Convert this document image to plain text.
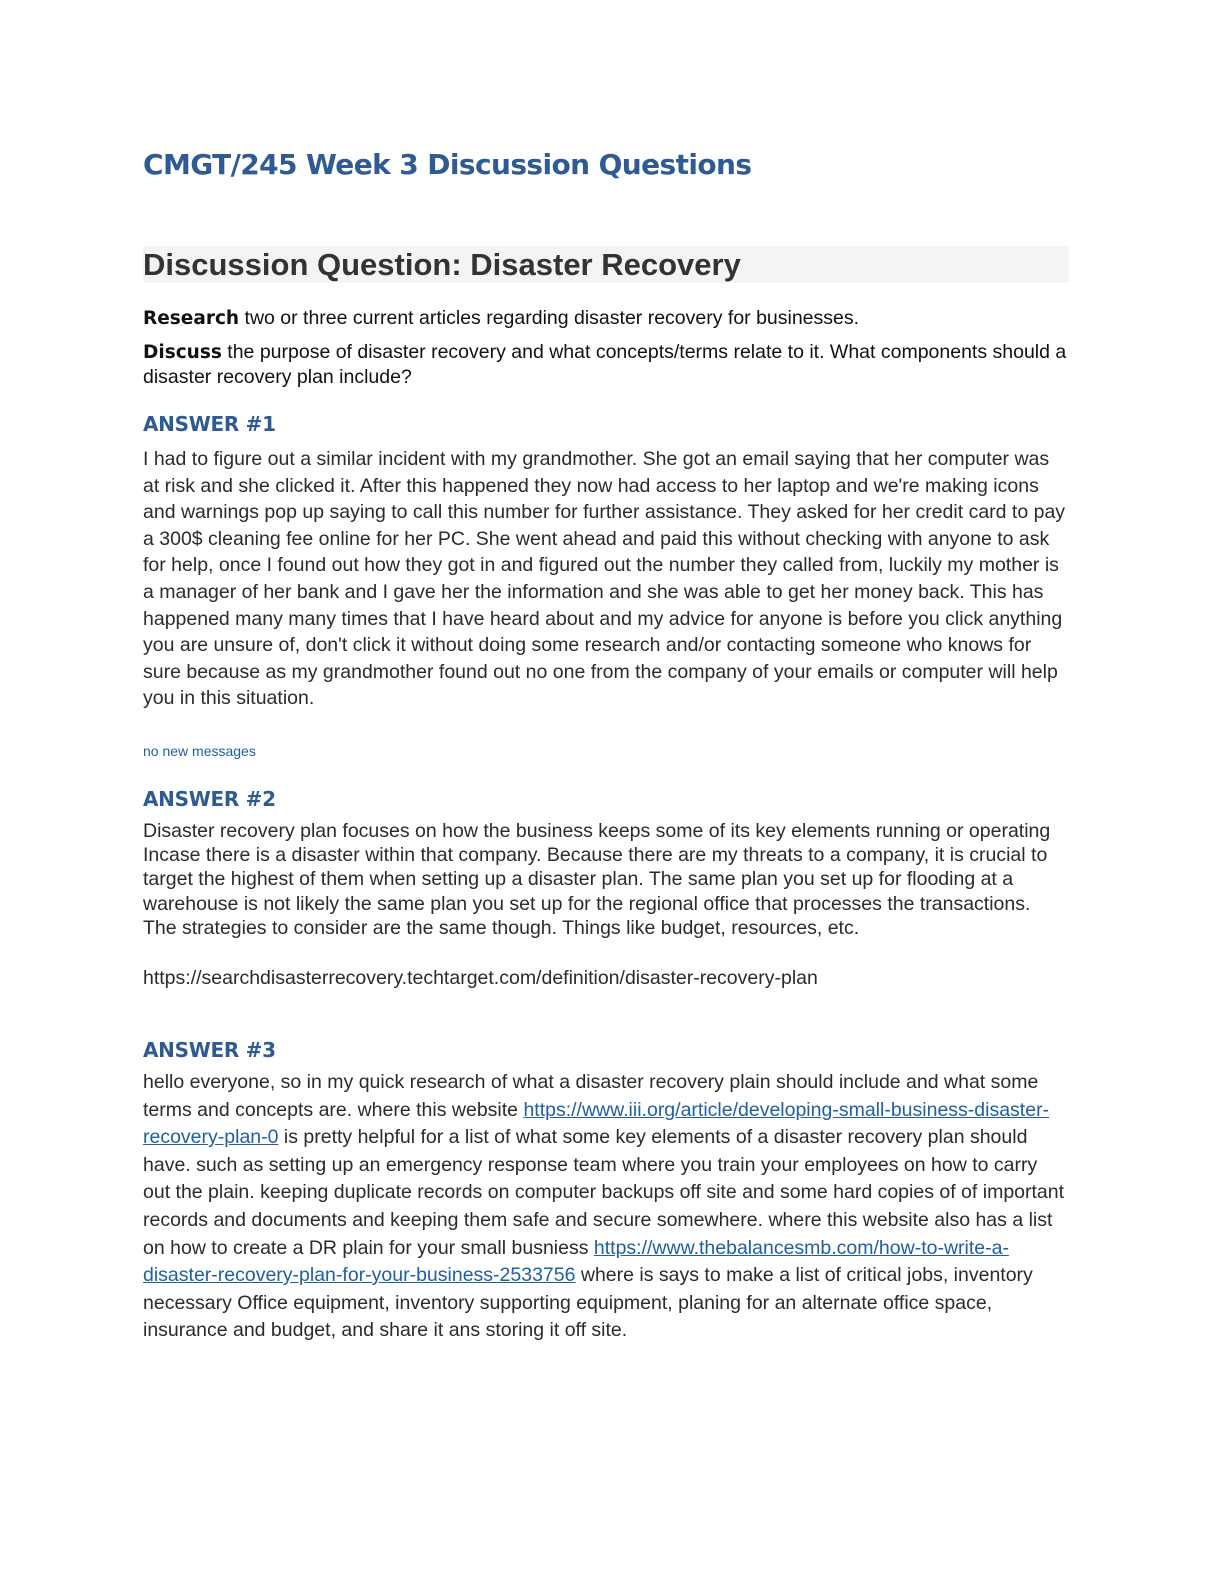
CMGT/245 Week 3 Discussion Questions
Discussion Question: Disaster Recovery

Research two or three current articles regarding disaster recovery for businesses.

Discuss the purpose of disaster recovery and what concepts/terms relate to it. What components should a disaster recovery plan include?

ANSWER #1

I had to figure out a similar incident with my grandmother. She got an email saying that her computer was at risk and she clicked it. After this happened they now had access to her laptop and we're making icons and warnings pop up saying to call this number for further assistance. They asked for her credit card to pay a 300$ cleaning fee online for her PC. She went ahead and paid this without checking with anyone to ask for help, once I found out how they got in and figured out the number they called from, luckily my mother is a manager of her bank and I gave her the information and she was able to get her money back. This has happened many many times that I have heard about and my advice for anyone is before you click anything you are unsure of, don't click it without doing some research and/or contacting someone who knows for sure because as my grandmother found out no one from the company of your emails or computer will help you in this situation.

no new messages
ANSWER #2

Disaster recovery plan focuses on how the business keeps some of its key elements running or operating Incase there is a disaster within that company. Because there are my threats to a company, it is crucial to target the highest of them when setting up a disaster plan. The same plan you set up for flooding at a warehouse is not likely the same plan you set up for the regional office that processes the transactions. The strategies to consider are the same though. Things like budget, resources, etc.

https://searchdisasterrecovery.techtarget.com/definition/disaster-recovery-plan
ANSWER #3

hello everyone, so in my quick research of what a disaster recovery plain should include and what some terms and concepts are. where this website https://www.iii.org/article/developing-small-business-disaster-recovery-plan-0 is pretty helpful for a list of what some key elements of a disaster recovery plan should have. such as setting up an emergency response team where you train your employees on how to carry out the plain. keeping duplicate records on computer backups off site and some hard copies of of important records and documents and keeping them safe and secure somewhere. where this website also has a list on how to create a DR plain for your small busniess https://www.thebalancesmb.com/how-to-write-a-disaster-recovery-plan-for-your-business-2533756 where is says to make a list of critical jobs, inventory necessary Office equipment, inventory supporting equipment, planing for an alternate office space, insurance and budget, and share it ans storing it off site.
